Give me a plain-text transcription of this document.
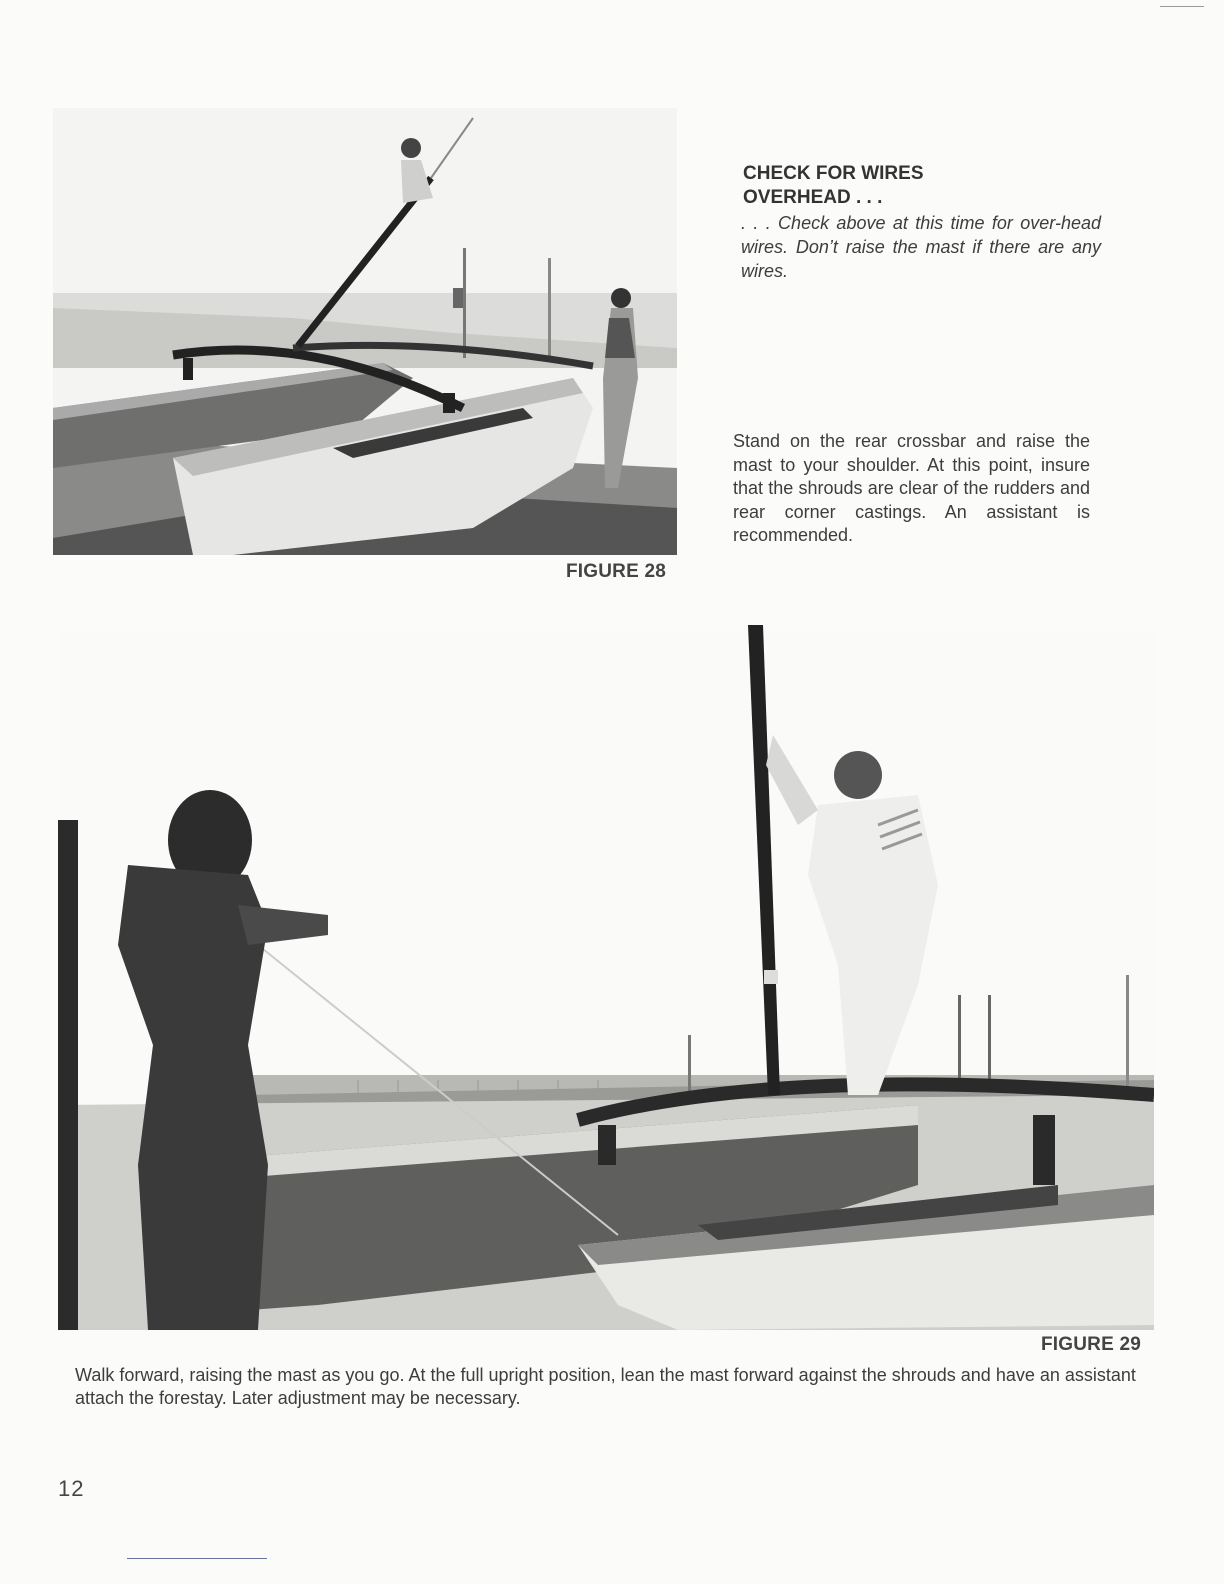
FIGURE 28
CHECK FOR WIRES
OVERHEAD . . .
. . . Check above at this time for over-head wires. Don’t raise the mast if there are any wires.
Stand on the rear crossbar and raise the mast to your shoulder. At this point, insure that the shrouds are clear of the rudders and rear corner castings. An assistant is recommended.
FIGURE 29
Walk forward, raising the mast as you go. At the full upright position, lean the mast forward against the shrouds and have an assistant attach the forestay. Later adjustment may be necessary.
12
